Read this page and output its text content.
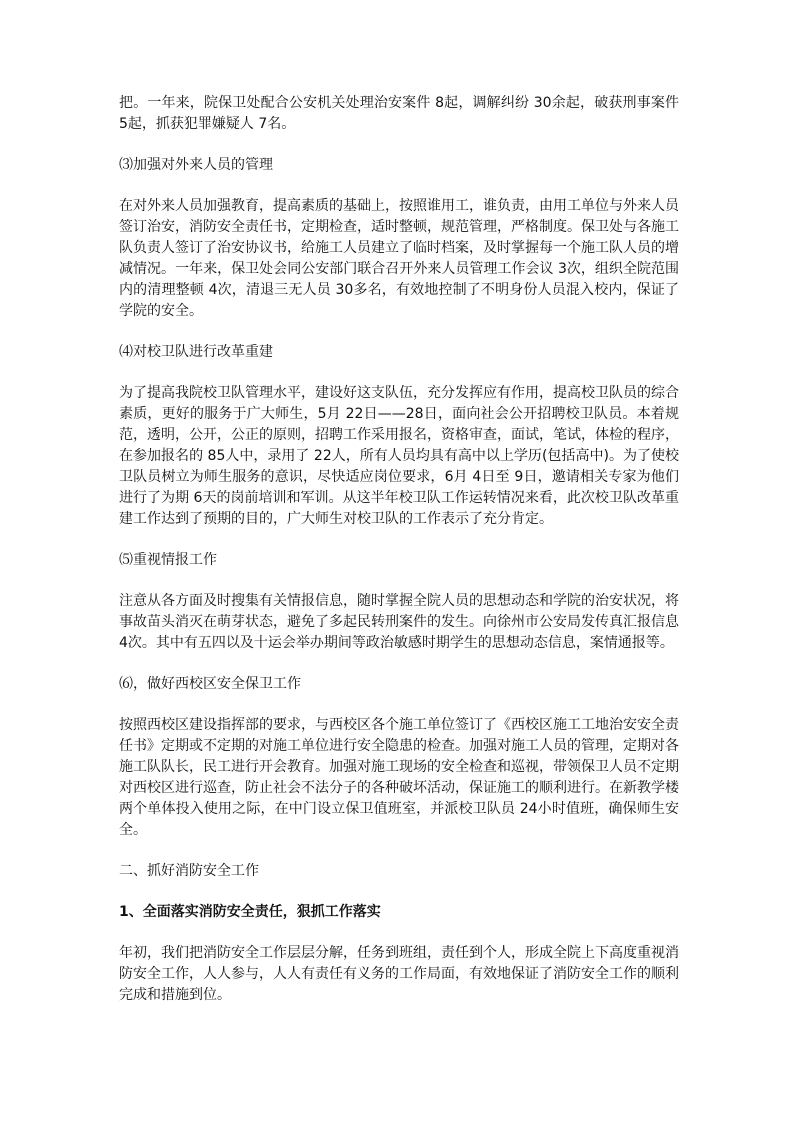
把。一年来，院保卫处配合公安机关处理治安案件 8起，调解纠纷 30余起，破获刑事案件 5起，抓获犯罪嫌疑人 7名。

⑶加强对外来人员的管理

在对外来人员加强教育，提高素质的基础上，按照谁用工，谁负责，由用工单位与外来人员签订治安，消防安全责任书，定期检查，适时整顿，规范管理，严格制度。保卫处与各施工队负责人签订了治安协议书，给施工人员建立了临时档案，及时掌握每一个施工队人员的增减情况。一年来，保卫处会同公安部门联合召开外来人员管理工作会议 3次，组织全院范围内的清理整顿 4次，清退三无人员 30多名，有效地控制了不明身份人员混入校内，保证了学院的安全。

⑷对校卫队进行改革重建

为了提高我院校卫队管理水平，建设好这支队伍，充分发挥应有作用，提高校卫队员的综合素质，更好的服务于广大师生，5月 22日——28日，面向社会公开招聘校卫队员。本着规范，透明，公开，公正的原则，招聘工作采用报名，资格审查，面试，笔试，体检的程序，在参加报名的 85人中，录用了 22人，所有人员均具有高中以上学历(包括高中)。为了使校卫队员树立为师生服务的意识，尽快适应岗位要求，6月 4日至 9日，邀请相关专家为他们进行了为期 6天的岗前培训和军训。从这半年校卫队工作运转情况来看，此次校卫队改革重建工作达到了预期的目的，广大师生对校卫队的工作表示了充分肯定。

⑸重视情报工作

注意从各方面及时搜集有关情报信息，随时掌握全院人员的思想动态和学院的治安状况，将事故苗头消灭在萌芽状态，避免了多起民转刑案件的发生。向徐州市公安局发传真汇报信息 4次。其中有五四以及十运会举办期间等政治敏感时期学生的思想动态信息，案情通报等。

⑹，做好西校区安全保卫工作

按照西校区建设指挥部的要求，与西校区各个施工单位签订了《西校区施工工地治安安全责任书》定期或不定期的对施工单位进行安全隐患的检查。加强对施工人员的管理，定期对各施工队队长，民工进行开会教育。加强对施工现场的安全检查和巡视，带领保卫人员不定期对西校区进行巡查，防止社会不法分子的各种破坏活动，保证施工的顺利进行。在新教学楼两个单体投入使用之际，在中门设立保卫值班室，并派校卫队员 24小时值班，确保师生安全。

二、抓好消防安全工作

1、全面落实消防安全责任，狠抓工作落实

年初，我们把消防安全工作层层分解，任务到班组，责任到个人，形成全院上下高度重视消防安全工作，人人参与，人人有责任有义务的工作局面，有效地保证了消防安全工作的顺利完成和措施到位。
